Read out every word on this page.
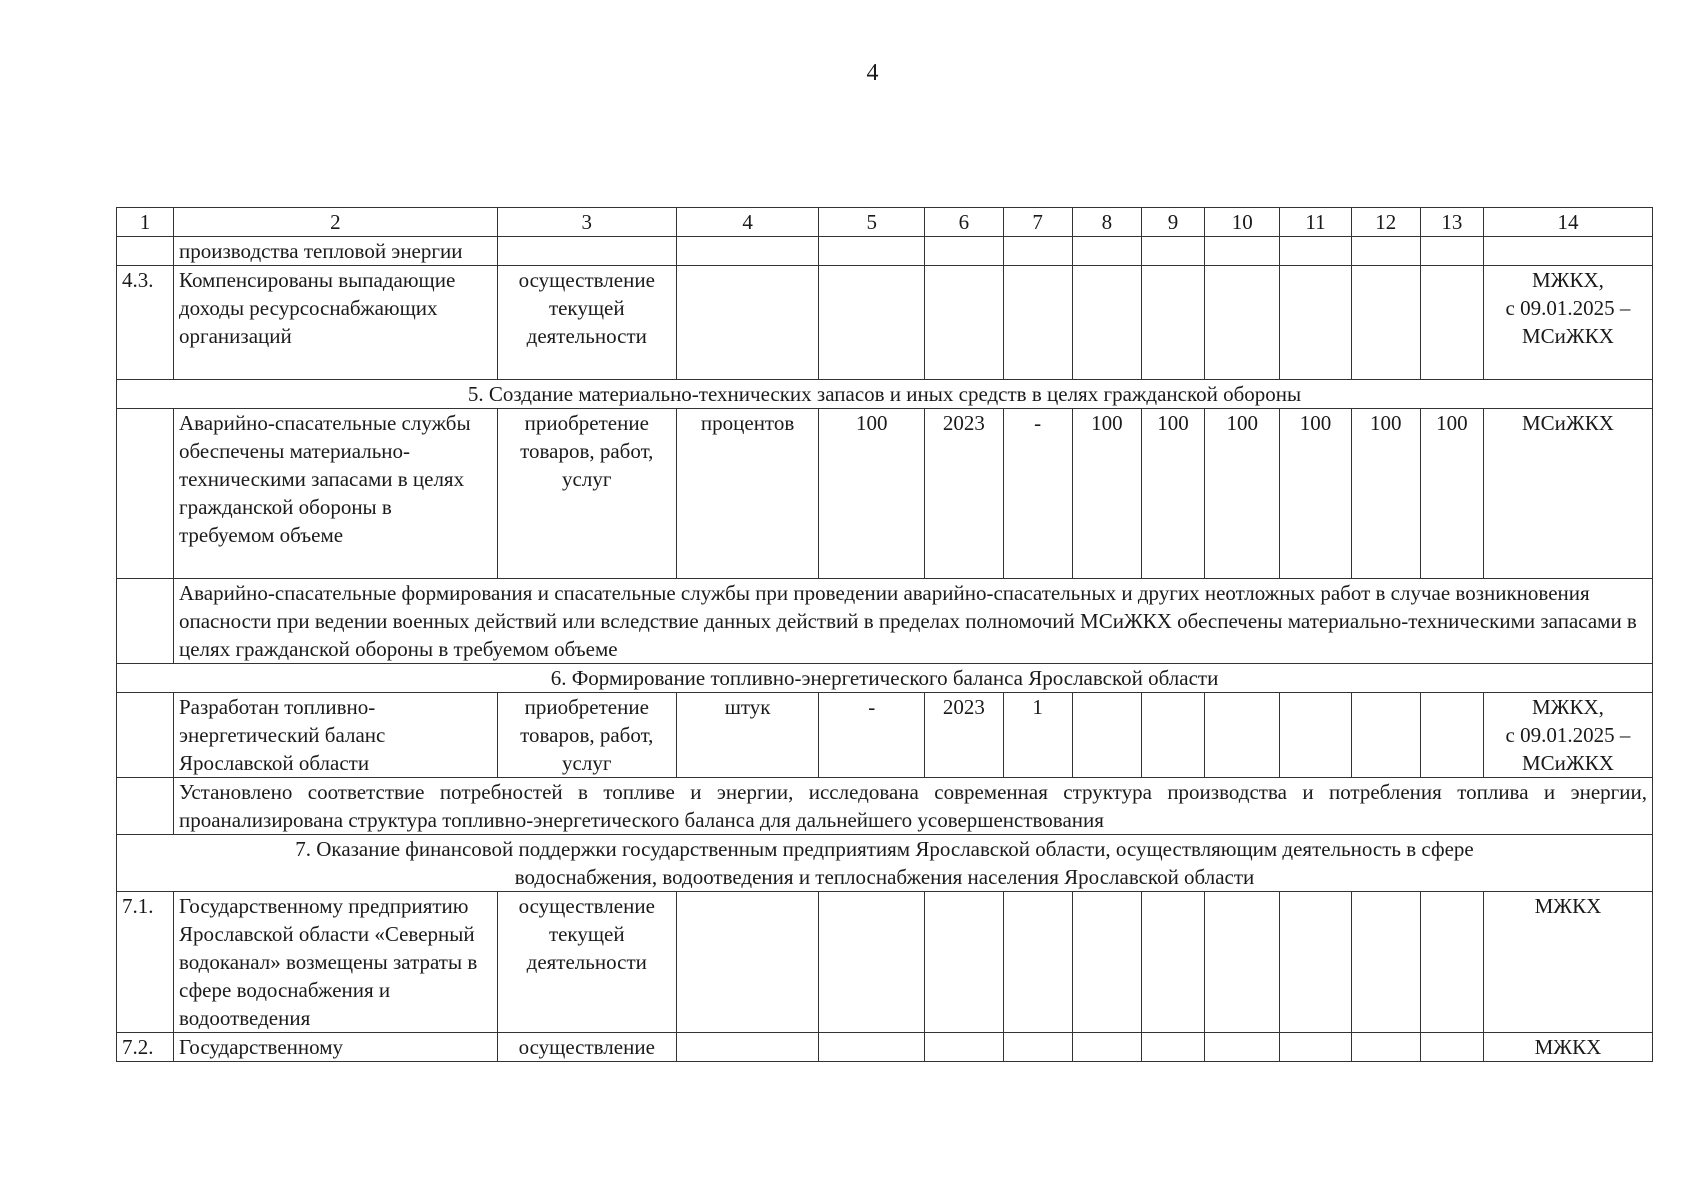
4
1	2	3	4	5	6	7	8	9	10	11	12	13	14
	производства тепловой энергии												
4.3.	Компенсированы выпадающие доходы ресурсоснабжающих организаций	осуществление текущей деятельности											МЖКХ,
с 09.01.2025 –
МСиЖКХ

5. Создание материально-технических запасов и иных средств в целях гражданской обороны													
	Аварийно-спасательные службы обеспечены материально-техническими запасами в целях гражданской обороны в требуемом объеме	приобретение товаров, работ, услуг	процентов	100	2023	-	100	100	100	100	100	100	МСиЖКХ
	Аварийно-спасательные формирования и спасательные службы при проведении аварийно-спасательных и других неотложных работ в случае возникновения опасности при ведении военных действий или вследствие данных действий в пределах полномочий МСиЖКХ обеспечены материально-техническими запасами в целях гражданской обороны в требуемом объеме												
6. Формирование топливно-энергетического баланса Ярославской области													
	Разработан топливно-энергетический баланс Ярославской области	приобретение товаров, работ, услуг	штук	-	2023	1							МЖКХ,
с 09.01.2025 –
МСиЖКХ

	Установлено соответствие потребностей в топливе и энергии, исследована современная структура производства и потребления топлива и энергии, проанализирована структура топливно-энергетического баланса для дальнейшего усовершенствования												

7. Оказание финансовой поддержки государственным предприятиям Ярославской области, осуществляющим деятельность в сфере
водоснабжения, водоотведения и теплоснабжения населения Ярославской области													

7.1.	Государственному предприятию Ярославской области «Северный водоканал» возмещены затраты в сфере водоснабжения и водоотведения	осуществление текущей деятельности											МЖКХ
7.2.	Государственному	осуществление											МЖКХ
